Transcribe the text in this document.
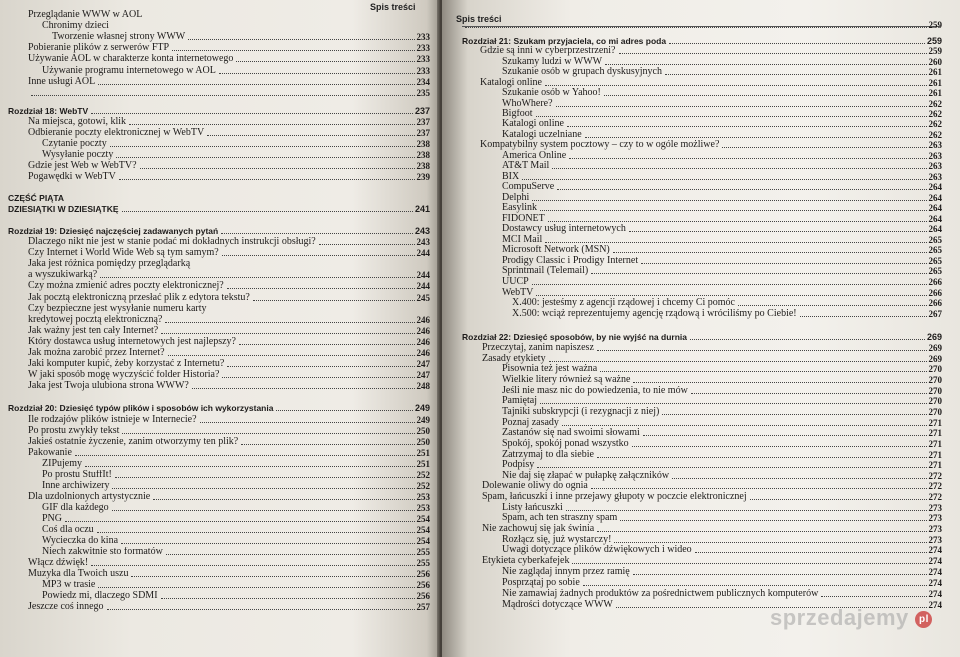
Spis treści
Przeglądanie WWW w AOL
Chronimy dzieci
Tworzenie własnej strony WWW	233
Pobieranie plików z serwerów FTP	233
Używanie AOL w charakterze konta internetowego	233
Używanie programu internetowego w AOL	233
Inne usługi AOL	234
235
Rozdział 18: WebTV	237
Na miejsca, gotowi, klik	237
Odbieranie poczty elektronicznej w WebTV	237
Czytanie poczty	238
Wysyłanie poczty	238
Gdzie jest Web w WebTV?	238
Pogawędki w WebTV	239
CZĘŚĆ PIĄTA
DZIESIĄTKI W DZIESIĄTKĘ	241
Rozdział 19: Dziesięć najczęściej zadawanych pytań	243
Dlaczego nikt nie jest w stanie podać mi dokładnych instrukcji obsługi?	243
Czy Internet i World Wide Web są tym samym?	244
Jaka jest różnica pomiędzy przeglądarką
a wyszukiwarką?	244
Czy można zmienić adres poczty elektronicznej?	244
Jak pocztą elektroniczną przesłać plik z edytora tekstu?	245
Czy bezpieczne jest wysyłanie numeru karty
kredytowej pocztą elektroniczną?	246
Jak ważny jest ten cały Internet?	246
Który dostawca usług internetowych jest najlepszy?	246
Jak można zarobić przez Internet?	246
Jaki komputer kupić, żeby korzystać z Internetu?	247
W jaki sposób mogę wyczyścić folder Historia?	247
Jaka jest Twoja ulubiona strona WWW?	248
Rozdział 20: Dziesięć typów plików i sposobów ich wykorzystania	249
Ile rodzajów plików istnieje w Internecie?	249
Po prostu zwykły tekst	250
Jakieś ostatnie życzenie, zanim otworzymy ten plik?	250
Pakowanie	251
ZIPujemy	251
Po prostu StuffIt!	252
Inne archiwizery	252
Dla uzdolnionych artystycznie	253
GIF dla każdego	253
PNG	254
Coś dla oczu	254
Wycieczka do kina	254
Niech zakwitnie sto formatów	255
Włącz dźwięk!	255
Muzyka dla Twoich uszu	256
MP3 w trasie	256
Powiedz mi, dlaczego SDMI	256
Jeszcze coś innego	257
Spis treści
259
Rozdział 21: Szukam przyjaciela, co mi adres poda	259
Gdzie są inni w cyberprzestrzeni?	259
Szukamy ludzi w WWW	260
Szukanie osób w grupach dyskusyjnych	261
Katalogi online	261
Szukanie osób w Yahoo!	261
WhoWhere?	262
Bigfoot	262
Katalogi online	262
Katalogi uczelniane	262
Kompatybilny system pocztowy – czy to w ogóle możliwe?	263
America Online	263
AT&T Mail	263
BIX	263
CompuServe	264
Delphi	264
Easylink	264
FIDONET	264
Dostawcy usług internetowych	264
MCI Mail	265
Microsoft Network (MSN)	265
Prodigy Classic i Prodigy Internet	265
Sprintmail (Telemail)	265
UUCP	266
WebTV	266
X.400: jesteśmy z agencji rządowej i chcemy Ci pomóc	266
X.500: wciąż reprezentujemy agencję rządową i wróciliśmy po Ciebie!	267
Rozdział 22: Dziesięć sposobów, by nie wyjść na durnia	269
Przeczytaj, zanim napiszesz	269
Zasady etykiety	269
Pisownia też jest ważna	270
Wielkie litery również są ważne	270
Jeśli nie masz nic do powiedzenia, to nie mów	270
Pamiętaj	270
Tajniki subskrypcji (i rezygnacji z niej)	270
Poznaj zasady	271
Zastanów się nad swoimi słowami	271
Spokój, spokój ponad wszystko	271
Zatrzymaj to dla siebie	271
Podpisy	271
Nie daj się złapać w pułapkę załączników	272
Dolewanie oliwy do ognia	272
Spam, łańcuszki i inne przejawy głupoty w poczcie elektronicznej	272
Listy łańcuszki	273
Spam, ach ten straszny spam	273
Nie zachowuj się jak świnia	273
Rozłącz się, już wystarczy!	273
Uwagi dotyczące plików dźwiękowych i wideo	274
Etykieta cyberkafejek	274
Nie zaglądaj innym przez ramię	274
Posprzątaj po sobie	274
Nie zamawiaj żadnych produktów za pośrednictwem publicznych komputerów	274
Mądrości dotyczące WWW	274
sprzedajemy pl
